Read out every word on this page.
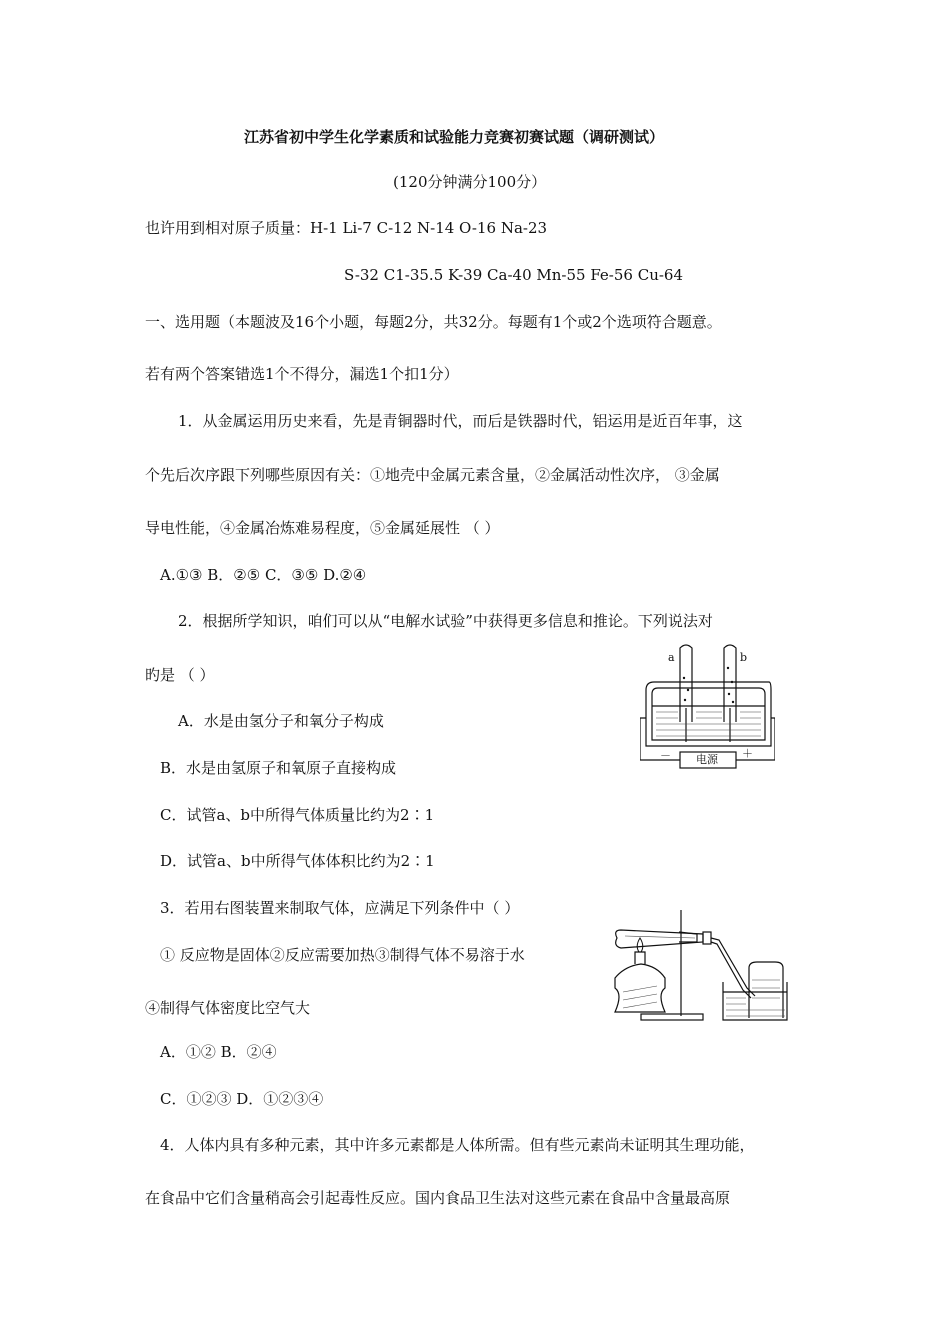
江苏省初中学生化学素质和试验能力竞赛初赛试题（调研测试）
(120分钟满分100分）
也许用到相对原子质量：H-1 Li-7 C-12 N-14 O-16 Na-23
S-32 C1-35.5 K-39 Ca-40 Mn-55 Fe-56 Cu-64
一、选用题（本题波及16个小题，每题2分，共32分。每题有1个或2个选项符合题意。
若有两个答案错选1个不得分，漏选1个扣1分）
1．从金属运用历史来看，先是青铜器时代，而后是铁器时代，铝运用是近百年事，这
个先后次序跟下列哪些原因有关：①地壳中金属元素含量，②金属活动性次序， ③金属
导电性能，④金属冶炼难易程度，⑤金属延展性 （ ）
A.①③ B．②⑤ C．③⑤ D.②④
2．根据所学知识，咱们可以从“电解水试验”中获得更多信息和推论。下列说法对
旳是 （ ）
A．水是由氢分子和氧分子构成
B．水是由氢原子和氧原子直接构成
C．试管a、b中所得气体质量比约为2∶1
D．试管a、b中所得气体体积比约为2∶1
a	b
－	＋
电源
3．若用右图装置来制取气体，应满足下列条件中（ ）
① 反应物是固体②反应需要加热③制得气体不易溶于水
④制得气体密度比空气大
A．①② B．②④
C．①②③ D．①②③④
4．人体内具有多种元素，其中许多元素都是人体所需。但有些元素尚未证明其生理功能，
在食品中它们含量稍高会引起毒性反应。国内食品卫生法对这些元素在食品中含量最高原
